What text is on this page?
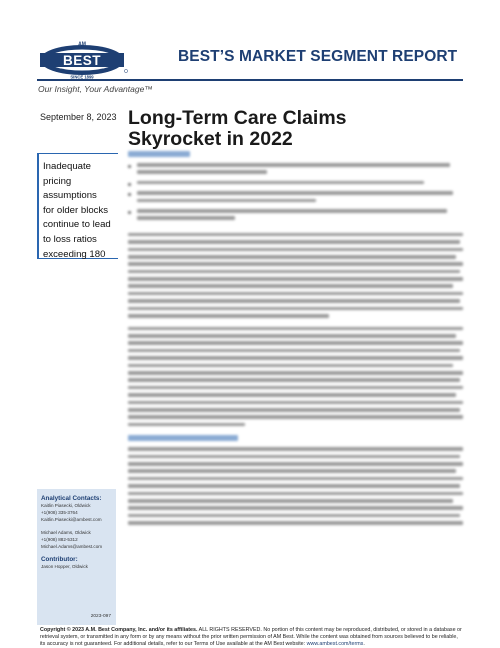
AM
BEST
SINCE 1899
BEST’S MARKET SEGMENT REPORT
Our Insight, Your Advantage™
September 8, 2023
Inadequate pricing
assumptions
for older blocks
continue to lead
to loss ratios
exceeding 180
Analytical Contacts:
Kaitlin Piasecki, Oldwick
+1(908) 335-3764
Kaitlin.Piasecki@ambest.com
Michael Adams, Oldwick
+1(908) 882-5312
Michael.Adams@ambest.com
Contributor:
Jason Hopper, Oldwick
2023-097
Long-Term Care Claims Skyrocket in 2022
Copyright © 2023 A.M. Best Company, Inc. and/or its affiliates. ALL RIGHTS RESERVED. No portion of this content may be reproduced, distributed, or stored in a database or retrieval system, or transmitted in any form or by any means without the prior written permission of AM Best. While the content was obtained from sources believed to be reliable, its accuracy is not guaranteed. For additional details, refer to our Terms of Use available at the AM Best website: www.ambest.com/terms.
